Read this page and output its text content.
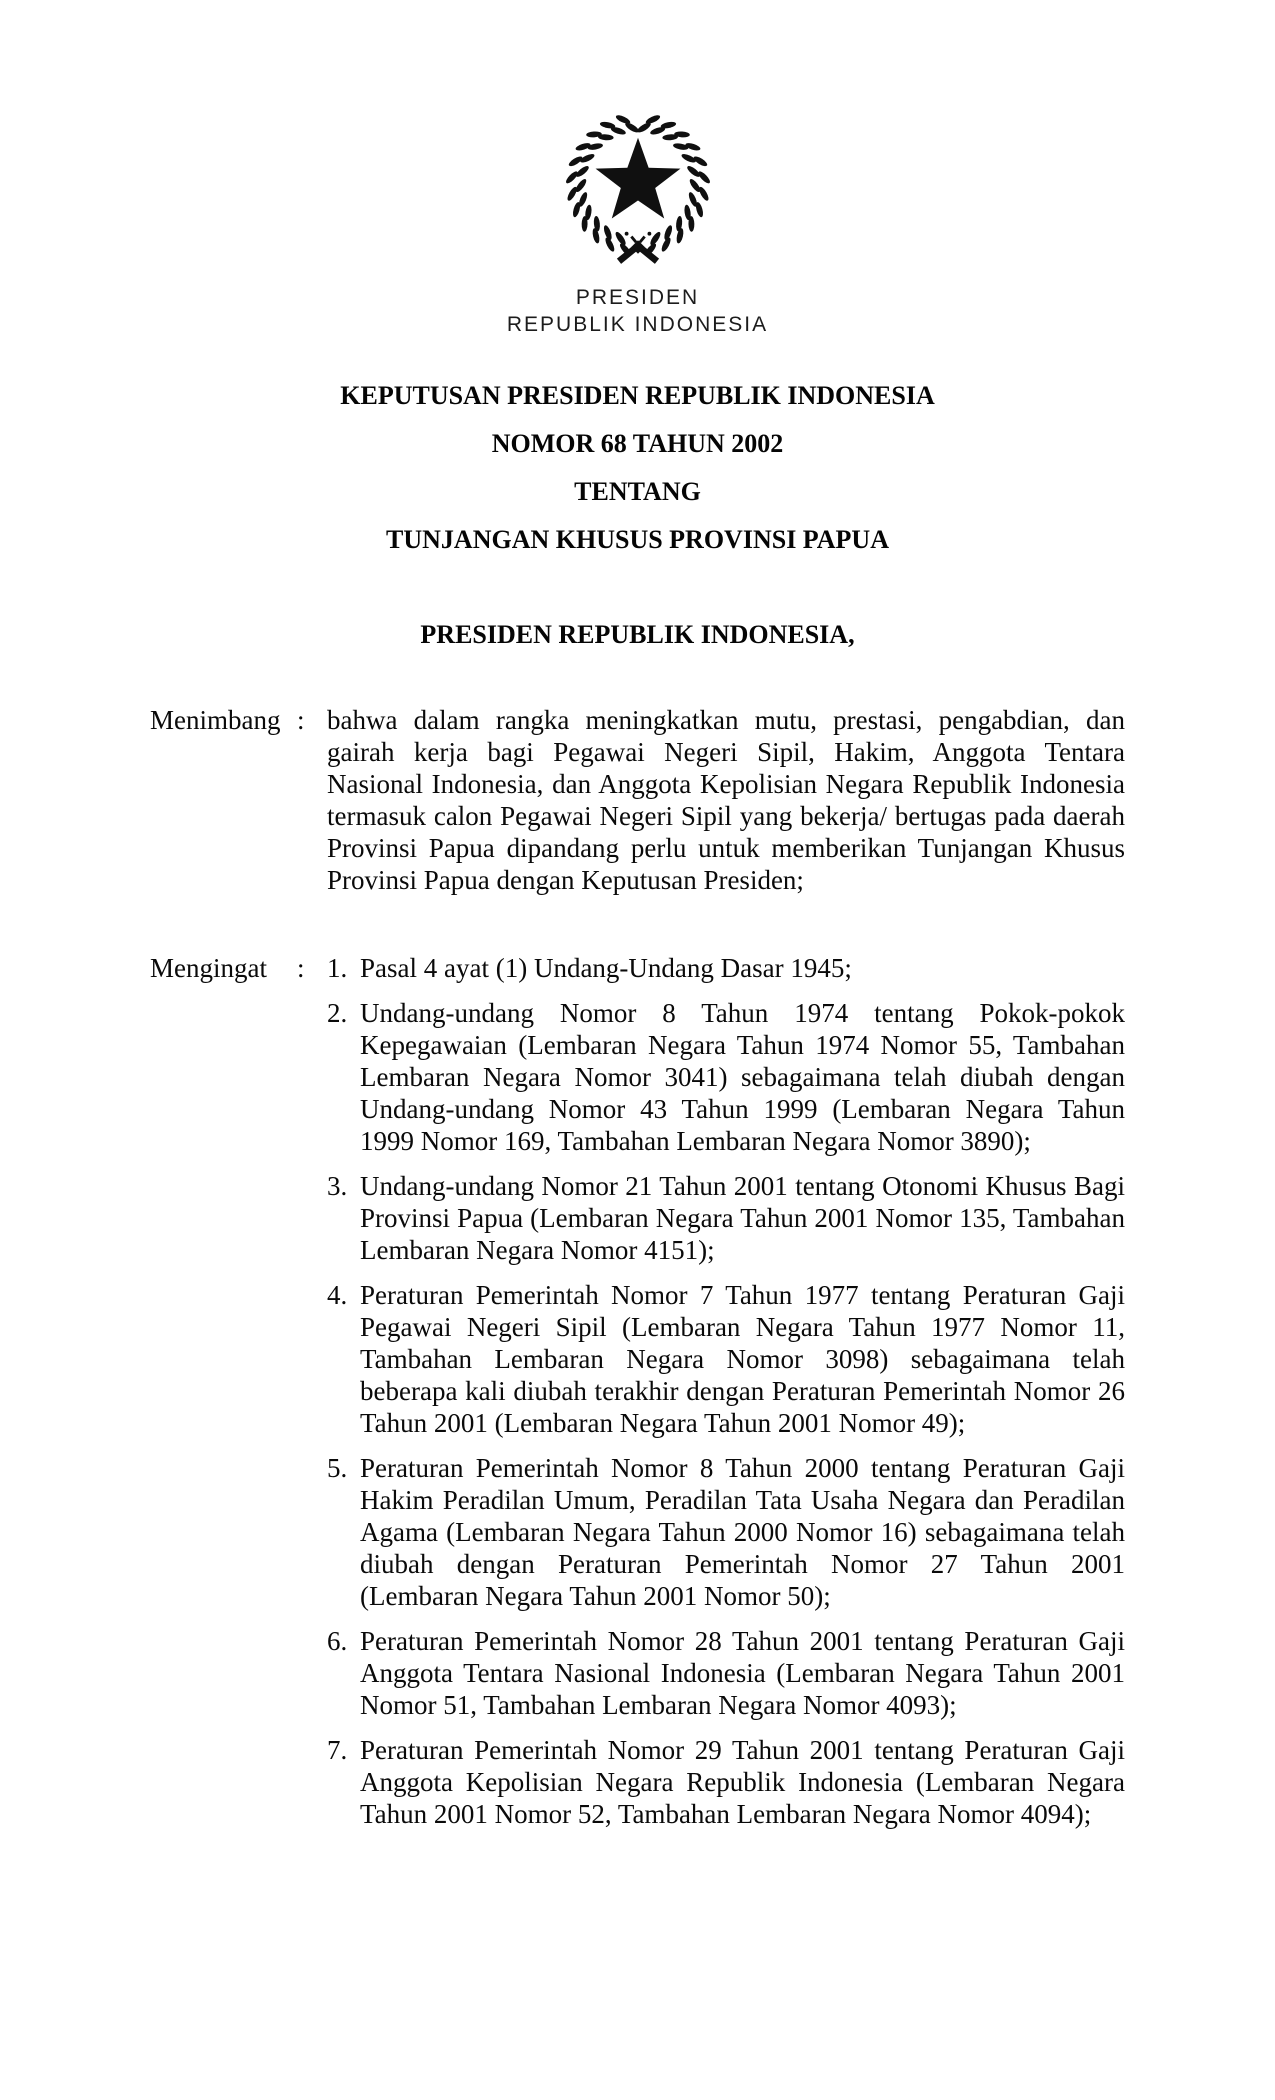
PRESIDEN
REPUBLIK INDONESIA
KEPUTUSAN PRESIDEN REPUBLIK INDONESIA
NOMOR 68 TAHUN 2002
TENTANG
TUNJANGAN KHUSUS PROVINSI PAPUA
PRESIDEN REPUBLIK INDONESIA,
Menimbang : bahwa dalam rangka meningkatkan mutu, prestasi, pengabdian, dan
gairah kerja bagi Pegawai Negeri Sipil, Hakim, Anggota Tentara
Nasional Indonesia, dan Anggota Kepolisian Negara Republik Indonesia
termasuk calon Pegawai Negeri Sipil yang bekerja/ bertugas pada daerah
Provinsi Papua dipandang perlu untuk memberikan Tunjangan Khusus
Provinsi Papua dengan Keputusan Presiden;
Mengingat	: 1. Pasal 4 ayat (1) Undang-Undang Dasar 1945;
2. Undang-undang Nomor 8 Tahun 1974 tentang Pokok-pokok
Kepegawaian (Lembaran Negara Tahun 1974 Nomor 55, Tambahan
Lembaran Negara Nomor 3041) sebagaimana telah diubah dengan
Undang-undang Nomor 43 Tahun 1999 (Lembaran Negara Tahun
1999 Nomor 169, Tambahan Lembaran Negara Nomor 3890);
3. Undang-undang Nomor 21 Tahun 2001 tentang Otonomi Khusus Bagi
Provinsi Papua (Lembaran Negara Tahun 2001 Nomor 135, Tambahan
Lembaran Negara Nomor 4151);
4. Peraturan Pemerintah Nomor 7 Tahun 1977 tentang Peraturan Gaji
Pegawai Negeri Sipil (Lembaran Negara Tahun 1977 Nomor 11,
Tambahan Lembaran Negara Nomor 3098) sebagaimana telah
beberapa kali diubah terakhir dengan Peraturan Pemerintah Nomor 26
Tahun 2001 (Lembaran Negara Tahun 2001 Nomor 49);
5. Peraturan Pemerintah Nomor 8 Tahun 2000 tentang Peraturan Gaji
Hakim Peradilan Umum, Peradilan Tata Usaha Negara dan Peradilan
Agama (Lembaran Negara Tahun 2000 Nomor 16) sebagaimana telah
diubah dengan Peraturan Pemerintah Nomor 27 Tahun 2001
(Lembaran Negara Tahun 2001 Nomor 50);
6. Peraturan Pemerintah Nomor 28 Tahun 2001 tentang Peraturan Gaji
Anggota Tentara Nasional Indonesia (Lembaran Negara Tahun 2001
Nomor 51, Tambahan Lembaran Negara Nomor 4093);
7. Peraturan Pemerintah Nomor 29 Tahun 2001 tentang Peraturan Gaji
Anggota Kepolisian Negara Republik Indonesia (Lembaran Negara
Tahun 2001 Nomor 52, Tambahan Lembaran Negara Nomor 4094);
